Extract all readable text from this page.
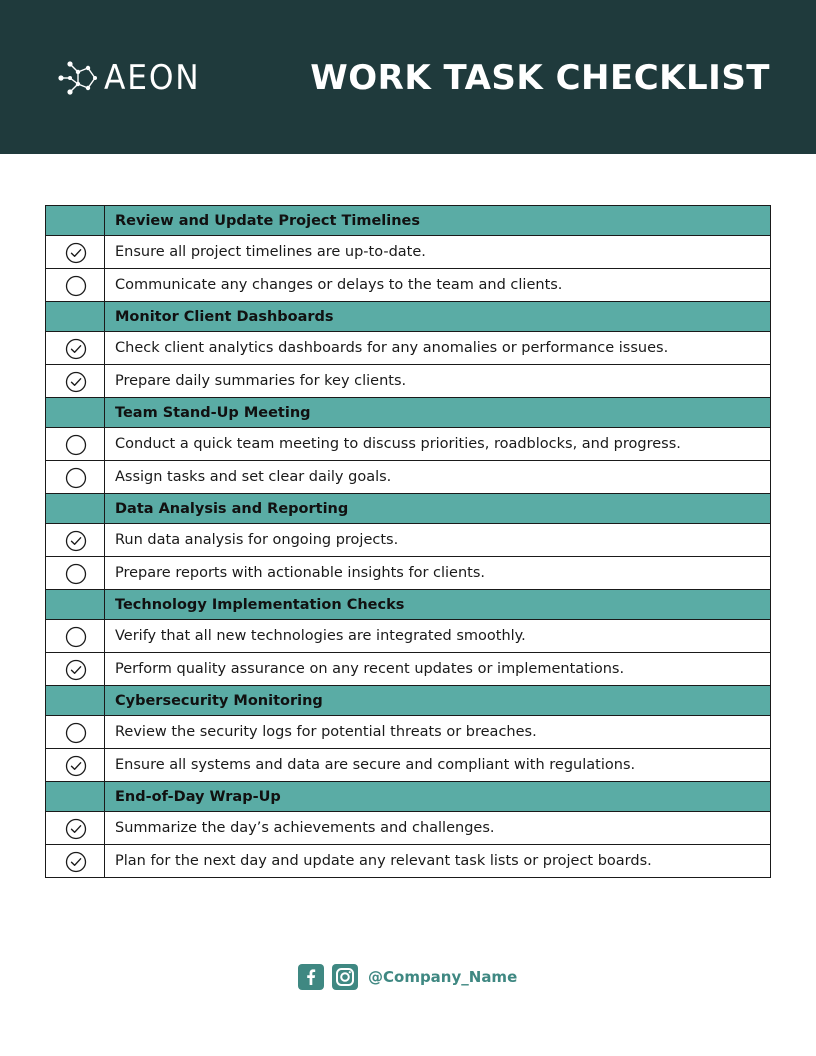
AEON	WORK TASK CHECKLIST
	Review and Update Project Timelines
	Ensure all project timelines are up-to-date.
	Communicate any changes or delays to the team and clients.
	Monitor Client Dashboards
	Check client analytics dashboards for any anomalies or performance issues.
	Prepare daily summaries for key clients.
	Team Stand-Up Meeting
	Conduct a quick team meeting to discuss priorities, roadblocks, and progress.
	Assign tasks and set clear daily goals.
	Data Analysis and Reporting
	Run data analysis for ongoing projects.
	Prepare reports with actionable insights for clients.
	Technology Implementation Checks
	Verify that all new technologies are integrated smoothly.
	Perform quality assurance on any recent updates or implementations.
	Cybersecurity Monitoring
	Review the security logs for potential threats or breaches.
	Ensure all systems and data are secure and compliant with regulations.
	End-of-Day Wrap-Up
	Summarize the day’s achievements and challenges.
	Plan for the next day and update any relevant task lists or project boards.
@Company_Name
